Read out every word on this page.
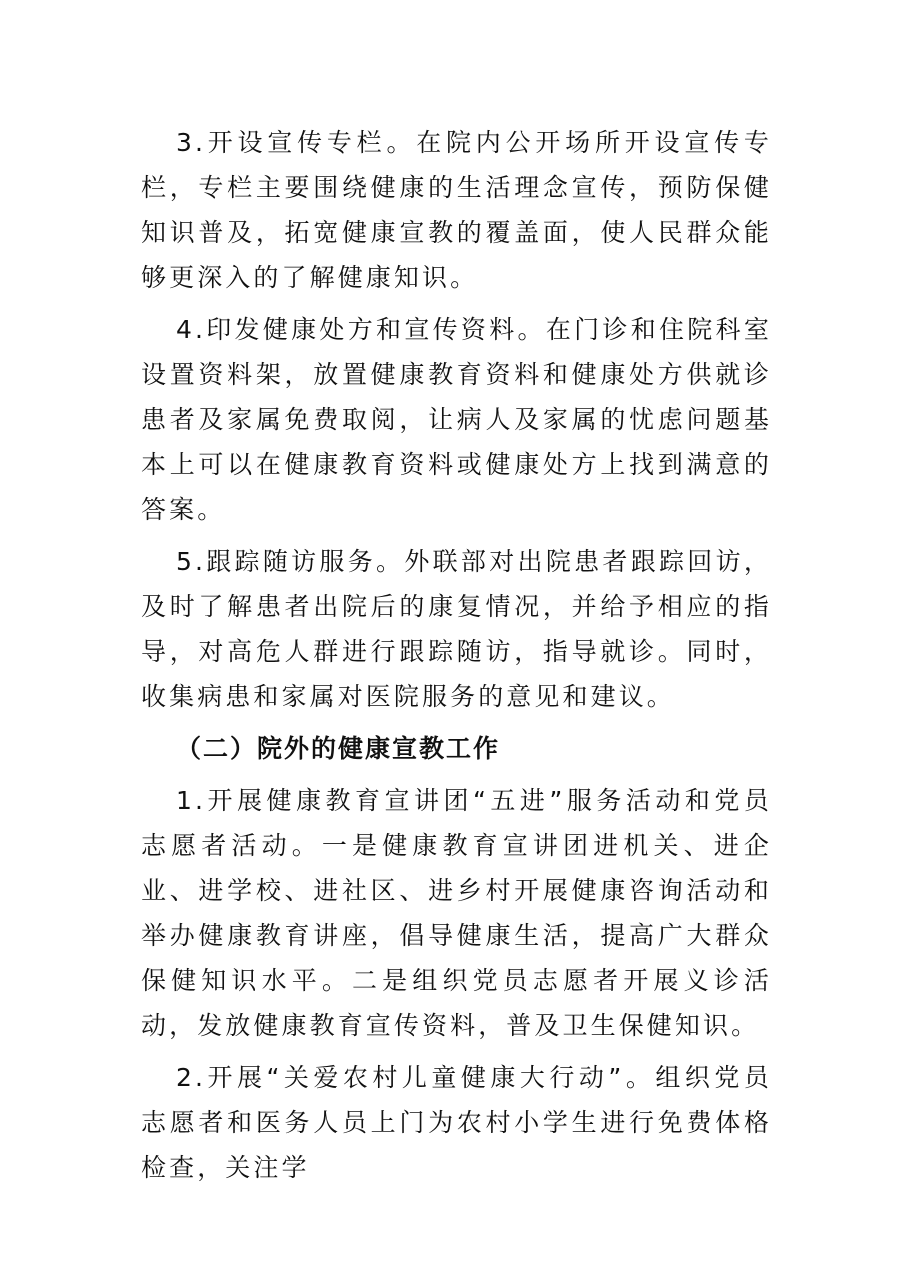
3.开设宣传专栏。在院内公开场所开设宣传专栏，专栏主要围绕健康的生活理念宣传，预防保健知识普及，拓宽健康宣教的覆盖面，使人民群众能够更深入的了解健康知识。

4.印发健康处方和宣传资料。在门诊和住院科室设置资料架，放置健康教育资料和健康处方供就诊患者及家属免费取阅，让病人及家属的忧虑问题基本上可以在健康教育资料或健康处方上找到满意的答案。

5.跟踪随访服务。外联部对出院患者跟踪回访，及时了解患者出院后的康复情况，并给予相应的指导，对高危人群进行跟踪随访，指导就诊。同时，收集病患和家属对医院服务的意见和建议。

（二）院外的健康宣教工作

1.开展健康教育宣讲团“五进”服务活动和党员志愿者活动。一是健康教育宣讲团进机关、进企业、进学校、进社区、进乡村开展健康咨询活动和举办健康教育讲座，倡导健康生活，提高广大群众保健知识水平。二是组织党员志愿者开展义诊活动，发放健康教育宣传资料，普及卫生保健知识。

2.开展“关爱农村儿童健康大行动”。组织党员志愿者和医务人员上门为农村小学生进行免费体格检查，关注学
